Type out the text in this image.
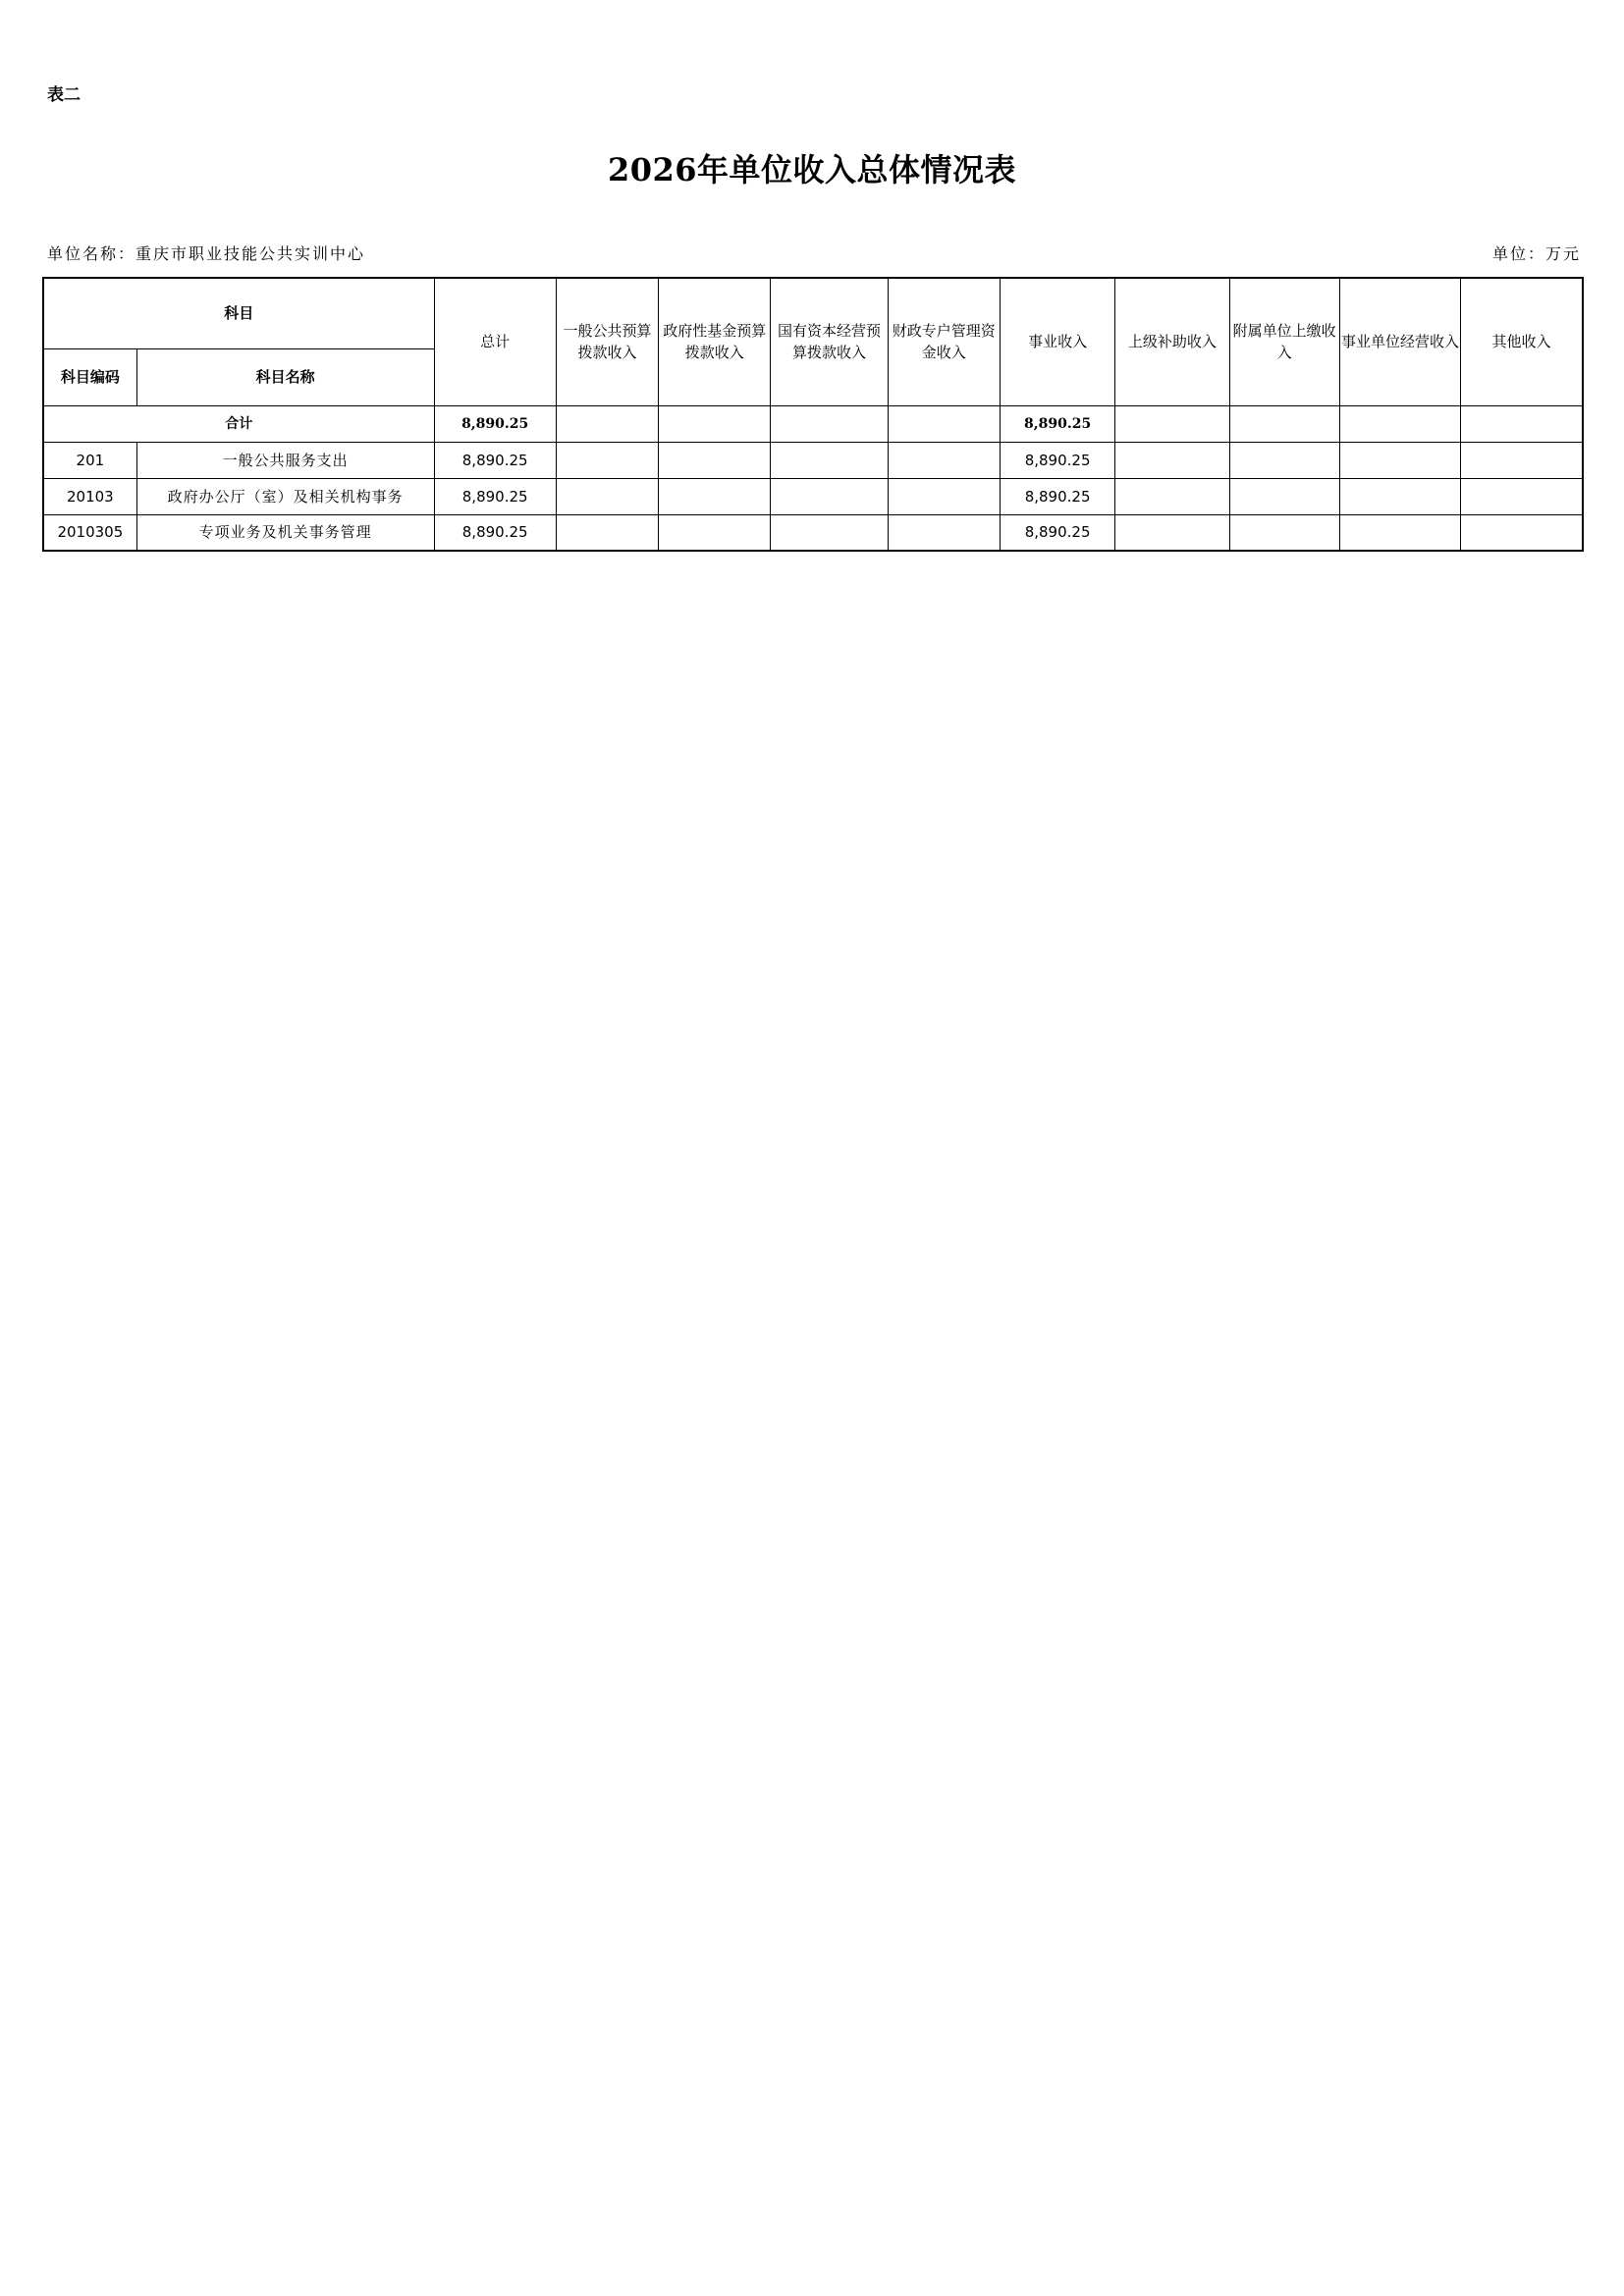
表二
2026年单位收入总体情况表
单位名称：重庆市职业技能公共实训中心	单位：万元
科目		总计	一般公共预算拨款收入	政府性基金预算拨款收入	国有资本经营预算拨款收入	财政专户管理资金收入	事业收入	上级补助收入	附属单位上缴收入	事业单位经营收入	其他收入
科目编码	科目名称										
合计		8,890.25					8,890.25				
201	一般公共服务支出	8,890.25					8,890.25				
20103	政府办公厅（室）及相关机构事务	8,890.25					8,890.25				
2010305	专项业务及机关事务管理	8,890.25					8,890.25				
